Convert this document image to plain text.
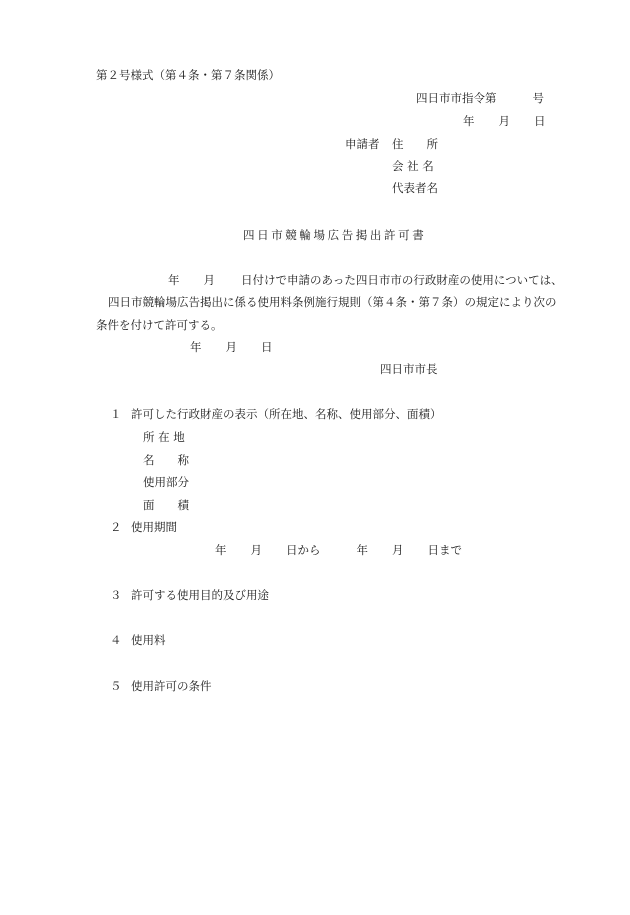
第２号様式（第４条・第７条関係）
四日市市指令第	号
年 月 日
申請者 住　　所
会 社 名
代表者名
四日市競輪場広告掲出許可書
年 月 日付けで申請のあった四日市市の行政財産の使用については、
四日市競輪場広告掲出に係る使用料条例施行規則（第４条・第７条）の規定により次の
条件を付けて許可する。
年 月 日
四日市市長
１ 許可した行政財産の表示（所在地、名称、使用部分、面積）
所 在 地
名　　称
使用部分
面　　積
２ 使用期間
年 月 日から	年 月 日まで
３ 許可する使用目的及び用途
４ 使用料
５ 使用許可の条件
